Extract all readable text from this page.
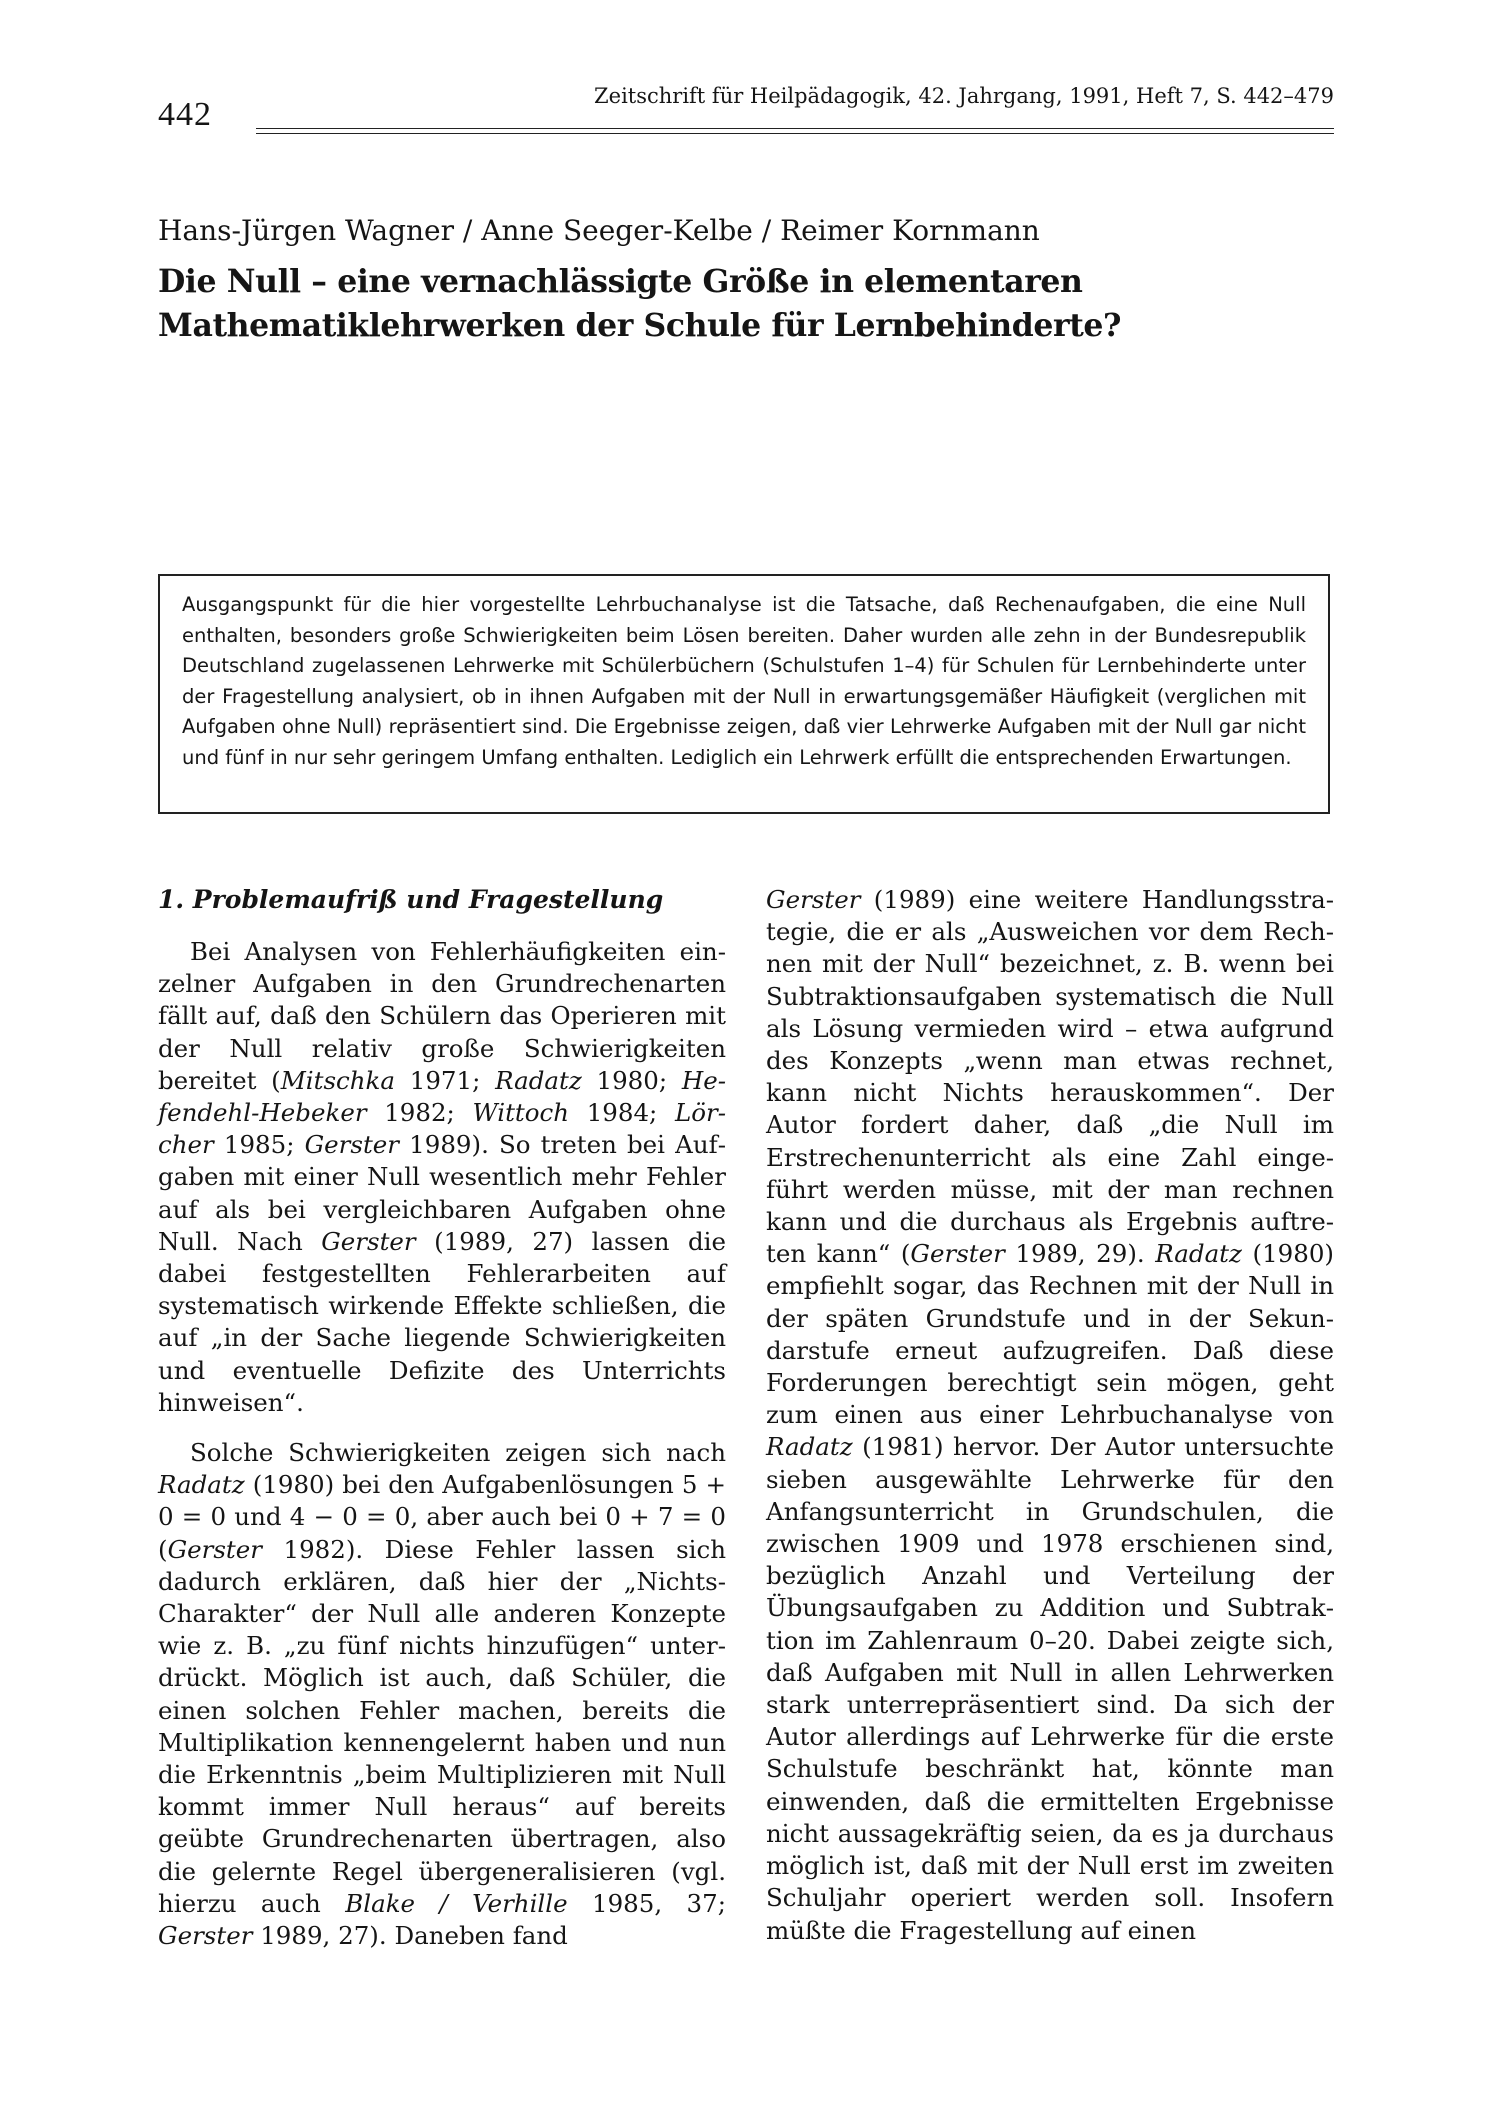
442	Zeitschrift für Heilpädagogik, 42. Jahrgang, 1991, Heft 7, S. 442–479
Hans-Jürgen Wagner / Anne Seeger-Kelbe / Reimer Kornmann
Die Null – eine vernachlässigte Größe in elementaren Mathematiklehrwerken der Schule für Lernbehinderte?

Ausgangspunkt für die hier vorgestellte Lehrbuchanalyse ist die Tatsache, daß Rechenaufgaben, die eine Null enthalten, besonders große Schwierigkeiten beim Lösen bereiten. Daher wurden alle zehn in der Bundesrepublik Deutschland zugelassenen Lehrwerke mit Schülerbüchern (Schulstufen 1–4) für Schulen für Lernbehinderte unter der Fragestellung analysiert, ob in ihnen Aufgaben mit der Null in erwartungsgemäßer Häufigkeit (verglichen mit Aufgaben ohne Null) repräsentiert sind. Die Ergebnisse zeigen, daß vier Lehrwerke Aufgaben mit der Null gar nicht und fünf in nur sehr geringem Umfang enthalten. Lediglich ein Lehrwerk erfüllt die entsprechenden Erwartungen.

1. Problemaufriß und Fragestellung

Bei Analysen von Fehlerhäufigkeiten einzelner Aufgaben in den Grundrechenarten fällt auf, daß den Schülern das Operieren mit der Null relativ große Schwierigkeiten bereitet (Mitschka 1971; Radatz 1980; Hefendehl-Hebeker 1982; Wittoch 1984; Lörcher 1985; Gerster 1989). So treten bei Aufgaben mit einer Null wesentlich mehr Fehler auf als bei vergleichbaren Aufgaben ohne Null. Nach Gerster (1989, 27) lassen die dabei festgestellten Fehlerarbeiten auf systematisch wirkende Effekte schließen, die auf „in der Sache liegende Schwierigkeiten und eventuelle Defizite des Unterrichts hinweisen“.

Solche Schwierigkeiten zeigen sich nach Radatz (1980) bei den Aufgabenlösungen 5 + 0 = 0 und 4 − 0 = 0, aber auch bei 0 + 7 = 0 (Gerster 1982). Diese Fehler lassen sich dadurch erklären, daß hier der „Nichts-Charakter“ der Null alle anderen Konzepte wie z. B. „zu fünf nichts hinzufügen“ unterdrückt. Möglich ist auch, daß Schüler, die einen solchen Fehler machen, bereits die Multiplikation kennengelernt haben und nun die Erkenntnis „beim Multiplizieren mit Null kommt immer Null heraus“ auf bereits geübte Grundrechenarten übertragen, also die gelernte Regel übergeneralisieren (vgl. hierzu auch Blake / Verhille 1985, 37; Gerster 1989, 27). Daneben fand

Gerster (1989) eine weitere Handlungsstrategie, die er als „Ausweichen vor dem Rechnen mit der Null“ bezeichnet, z. B. wenn bei Subtraktionsaufgaben systematisch die Null als Lösung vermieden wird – etwa aufgrund des Konzepts „wenn man etwas rechnet, kann nicht Nichts herauskommen“. Der Autor fordert daher, daß „die Null im Erstrechenunterricht als eine Zahl eingeführt werden müsse, mit der man rechnen kann und die durchaus als Ergebnis auftreten kann“ (Gerster 1989, 29). Radatz (1980) empfiehlt sogar, das Rechnen mit der Null in der späten Grundstufe und in der Sekundarstufe erneut aufzugreifen. Daß diese Forderungen berechtigt sein mögen, geht zum einen aus einer Lehrbuchanalyse von Radatz (1981) hervor. Der Autor untersuchte sieben ausgewählte Lehrwerke für den Anfangsunterricht in Grundschulen, die zwischen 1909 und 1978 erschienen sind, bezüglich Anzahl und Verteilung der Übungsaufgaben zu Addition und Subtraktion im Zahlenraum 0–20. Dabei zeigte sich, daß Aufgaben mit Null in allen Lehrwerken stark unterrepräsentiert sind. Da sich der Autor allerdings auf Lehrwerke für die erste Schulstufe beschränkt hat, könnte man einwenden, daß die ermittelten Ergebnisse nicht aussagekräftig seien, da es ja durchaus möglich ist, daß mit der Null erst im zweiten Schuljahr operiert werden soll. Insofern müßte die Fragestellung auf einen
